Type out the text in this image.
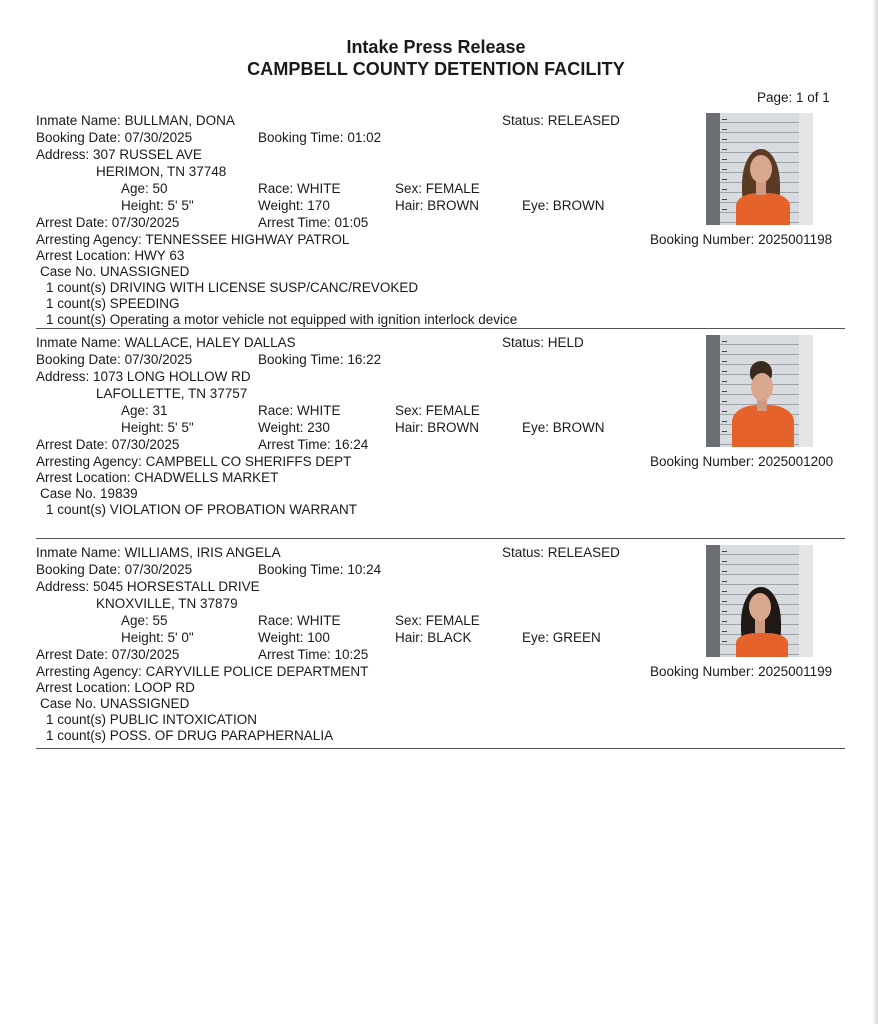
Intake Press Release
CAMPBELL COUNTY DETENTION FACILITY
Page: 1 of 1
Inmate Name: BULLMAN, DONA	Status: RELEASED
Booking Date: 07/30/2025	Booking Time: 01:02
Address: 307 RUSSEL AVE
HERIMON, TN 37748
Age: 50	Race: WHITE	Sex: FEMALE
Height: 5' 5"	Weight: 170	Hair: BROWN	Eye: BROWN
Arrest Date: 07/30/2025	Arrest Time: 01:05
Arresting Agency: TENNESSEE HIGHWAY PATROL	Booking Number: 2025001198
Arrest Location: HWY 63
Case No. UNASSIGNED
1 count(s) DRIVING WITH LICENSE SUSP/CANC/REVOKED
1 count(s) SPEEDING
1 count(s) Operating a motor vehicle not equipped with ignition interlock device
Inmate Name: WALLACE, HALEY DALLAS	Status: HELD
Booking Date: 07/30/2025	Booking Time: 16:22
Address: 1073 LONG HOLLOW RD
LAFOLLETTE, TN 37757
Age: 31	Race: WHITE	Sex: FEMALE
Height: 5' 5"	Weight: 230	Hair: BROWN	Eye: BROWN
Arrest Date: 07/30/2025	Arrest Time: 16:24
Arresting Agency: CAMPBELL CO SHERIFFS DEPT	Booking Number: 2025001200
Arrest Location: CHADWELLS MARKET
Case No. 19839
1 count(s) VIOLATION OF PROBATION WARRANT
Inmate Name: WILLIAMS, IRIS ANGELA	Status: RELEASED
Booking Date: 07/30/2025	Booking Time: 10:24
Address: 5045 HORSESTALL DRIVE
KNOXVILLE, TN 37879
Age: 55	Race: WHITE	Sex: FEMALE
Height: 5' 0"	Weight: 100	Hair: BLACK	Eye: GREEN
Arrest Date: 07/30/2025	Arrest Time: 10:25
Arresting Agency: CARYVILLE POLICE DEPARTMENT	Booking Number: 2025001199
Arrest Location: LOOP RD
Case No. UNASSIGNED
1 count(s) PUBLIC INTOXICATION
1 count(s) POSS. OF DRUG PARAPHERNALIA
